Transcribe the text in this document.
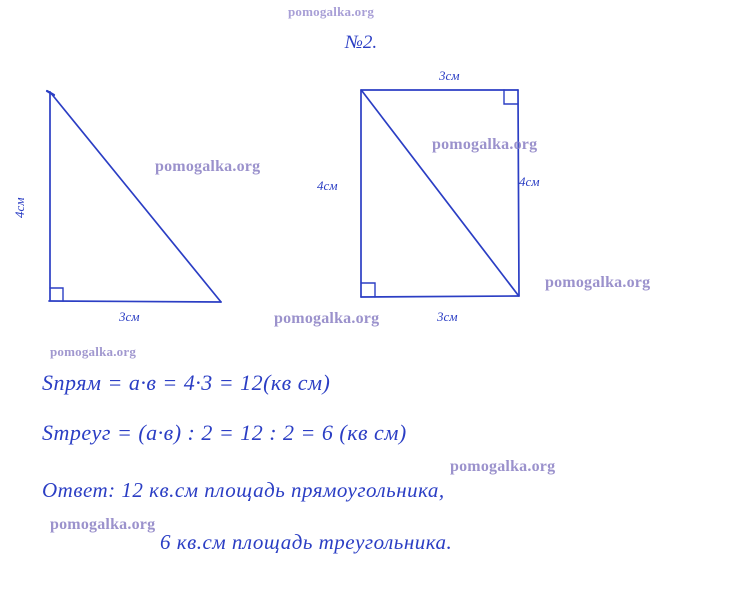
№2.
4см
3см
3см
4см	4см
3см
Sпрям = a·в = 4·3 = 12(кв см)
Sтреуг = (a·в) : 2 = 12 : 2 = 6 (кв см)
Ответ: 12 кв.см площадь прямоугольника,
6 кв.см площадь треугольника.
pomogalka.org
pomogalka.org
pomogalka.org
pomogalka.org
pomogalka.org
pomogalka.org
pomogalka.org
pomogalka.org
